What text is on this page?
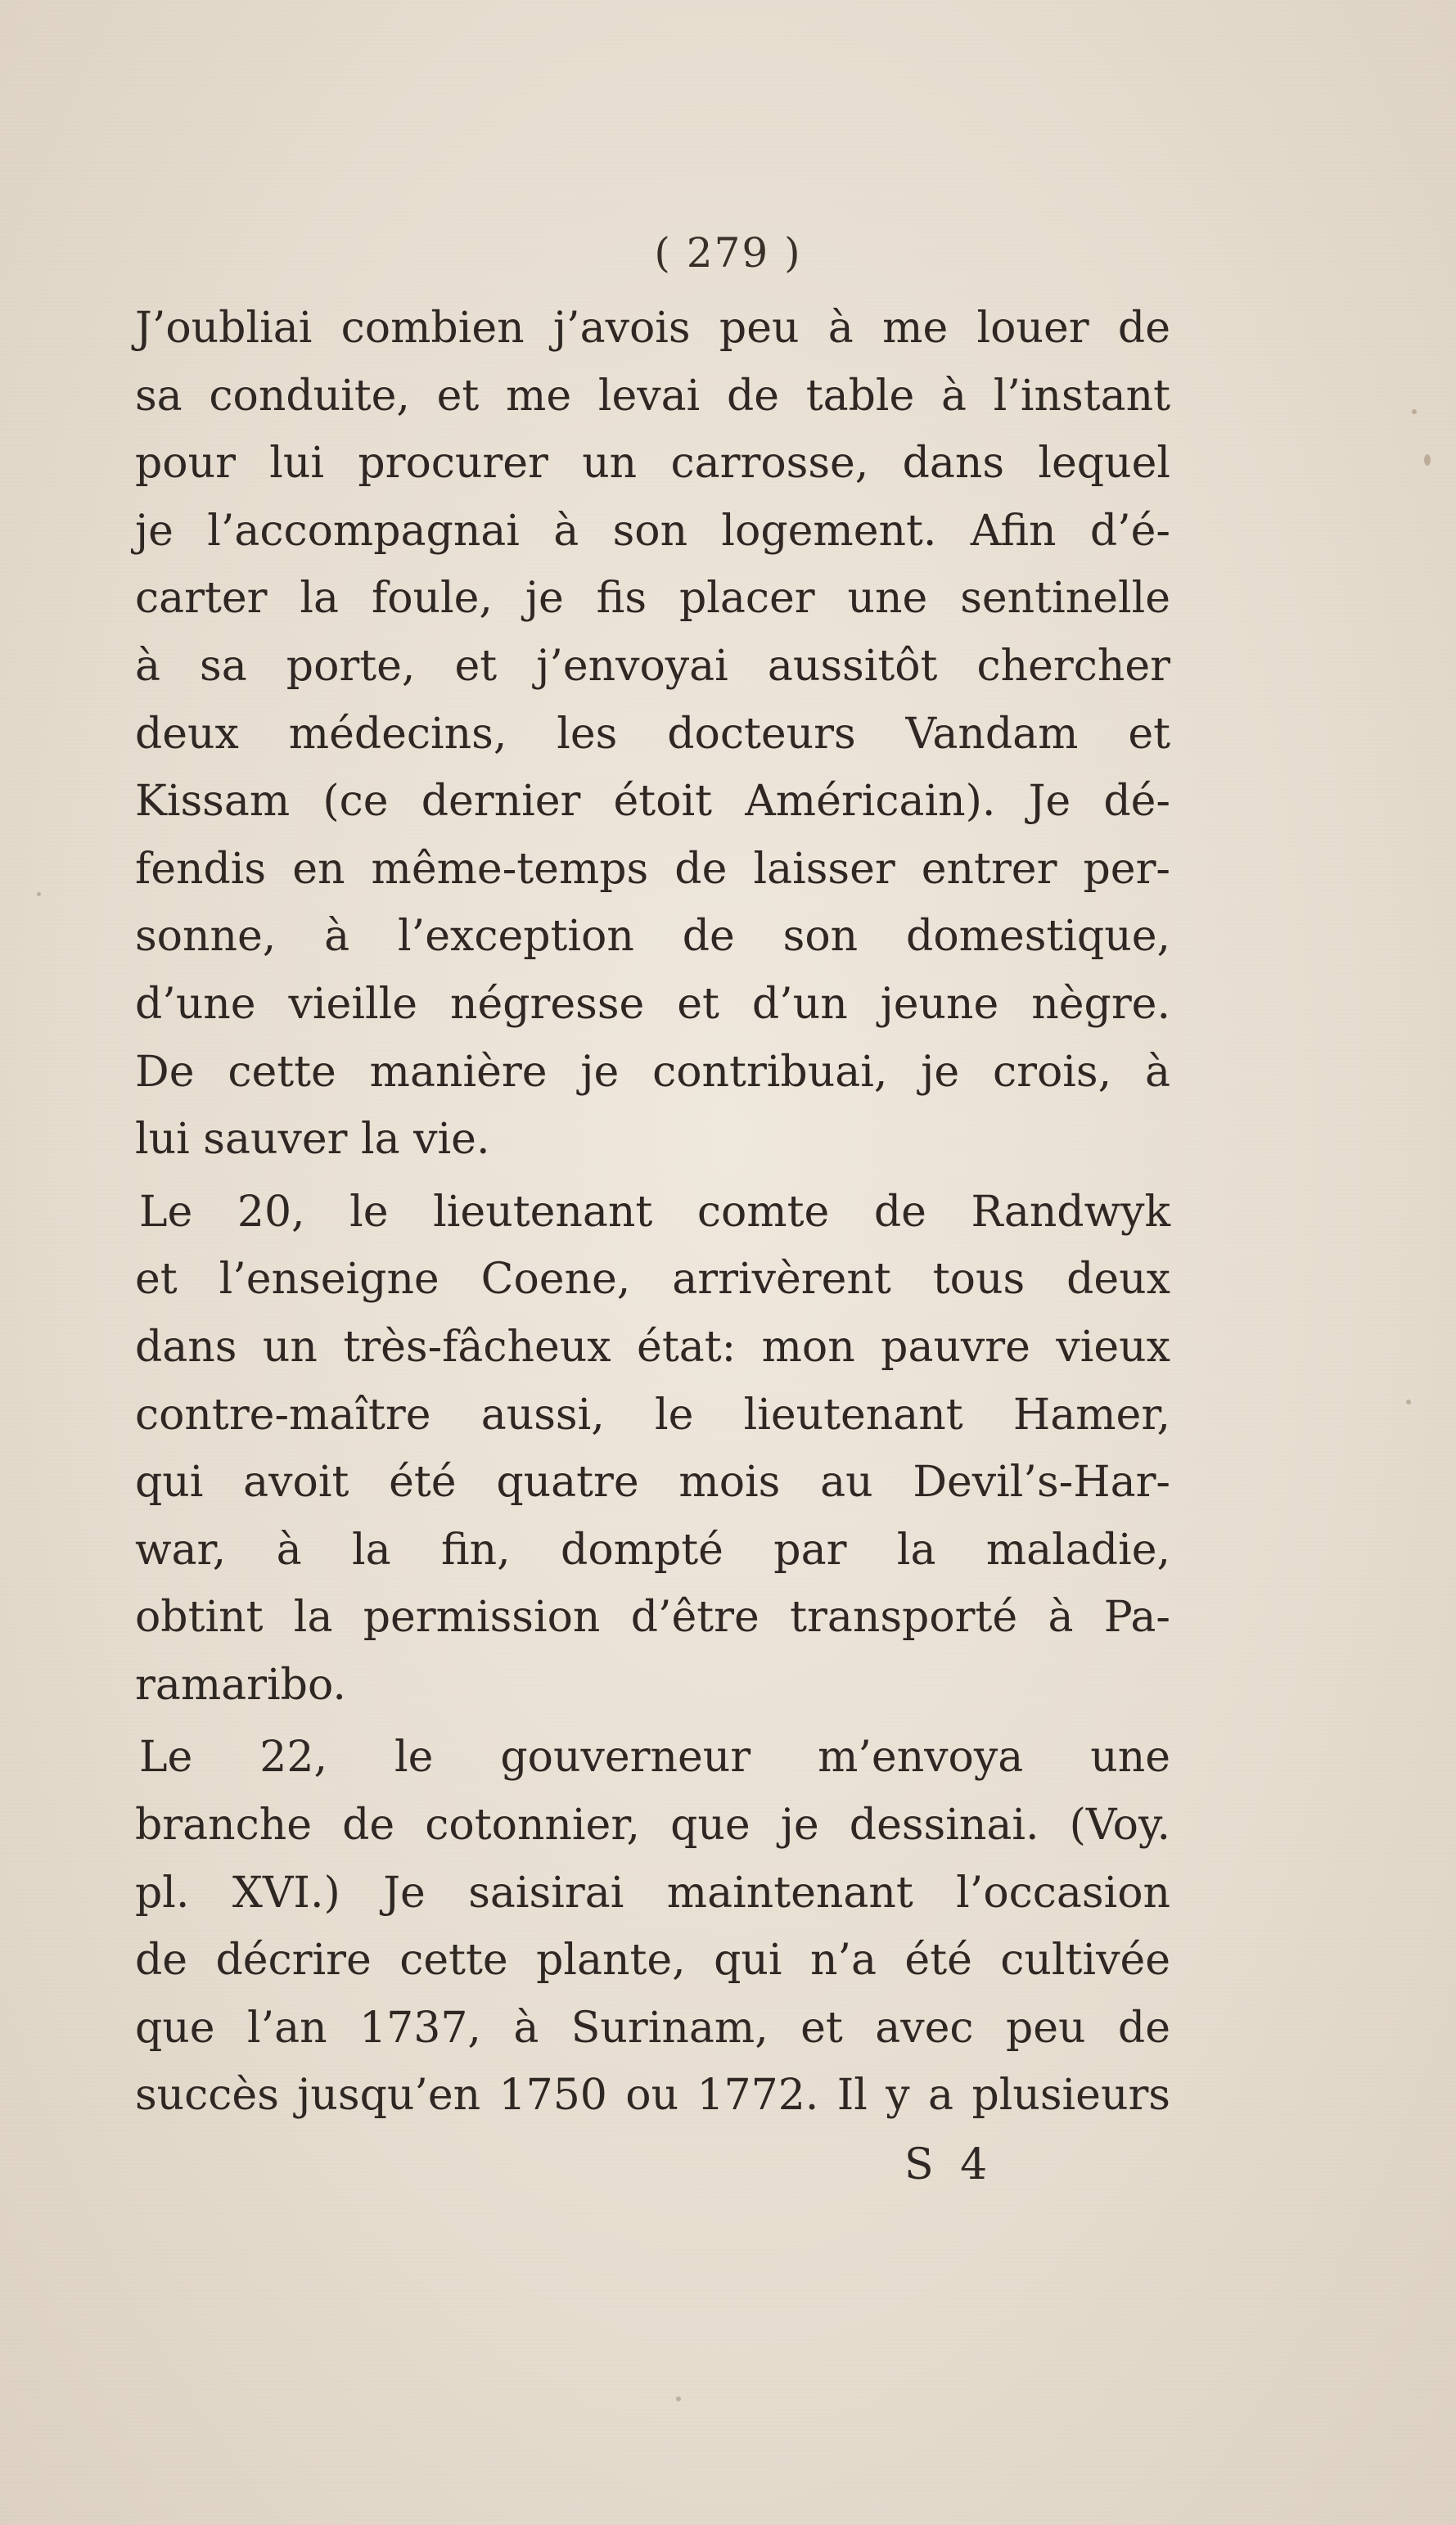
( 279 )

J’oubliai combien j’avois peu à me louer de
sa conduite, et me levai de table à l’instant
pour lui procurer un carrosse, dans lequel
je l’accompagnai à son logement. Afin d’é-
carter la foule, je fis placer une sentinelle
à sa porte, et j’envoyai aussitôt chercher
deux médecins, les docteurs Vandam et
Kissam (ce dernier étoit Américain). Je dé-
fendis en même-temps de laisser entrer per-
sonne, à l’exception de son domestique,
d’une vieille négresse et d’un jeune nègre.
De cette manière je contribuai, je crois, à
lui sauver la vie.
Le 20, le lieutenant comte de Randwyk
et l’enseigne Coene, arrivèrent tous deux
dans un très-fâcheux état: mon pauvre vieux
contre-maître aussi, le lieutenant Hamer,
qui avoit été quatre mois au Devil’s-Har-
war, à la fin, dompté par la maladie,
obtint la permission d’être transporté à Pa-
ramaribo.
Le 22, le gouverneur m’envoya une
branche de cotonnier, que je dessinai. (Voy.
pl. XVI.) Je saisirai maintenant l’occasion
de décrire cette plante, qui n’a été cultivée
que l’an 1737, à Surinam, et avec peu de
succès jusqu’en 1750 ou 1772. Il y a plusieurs
S 4
